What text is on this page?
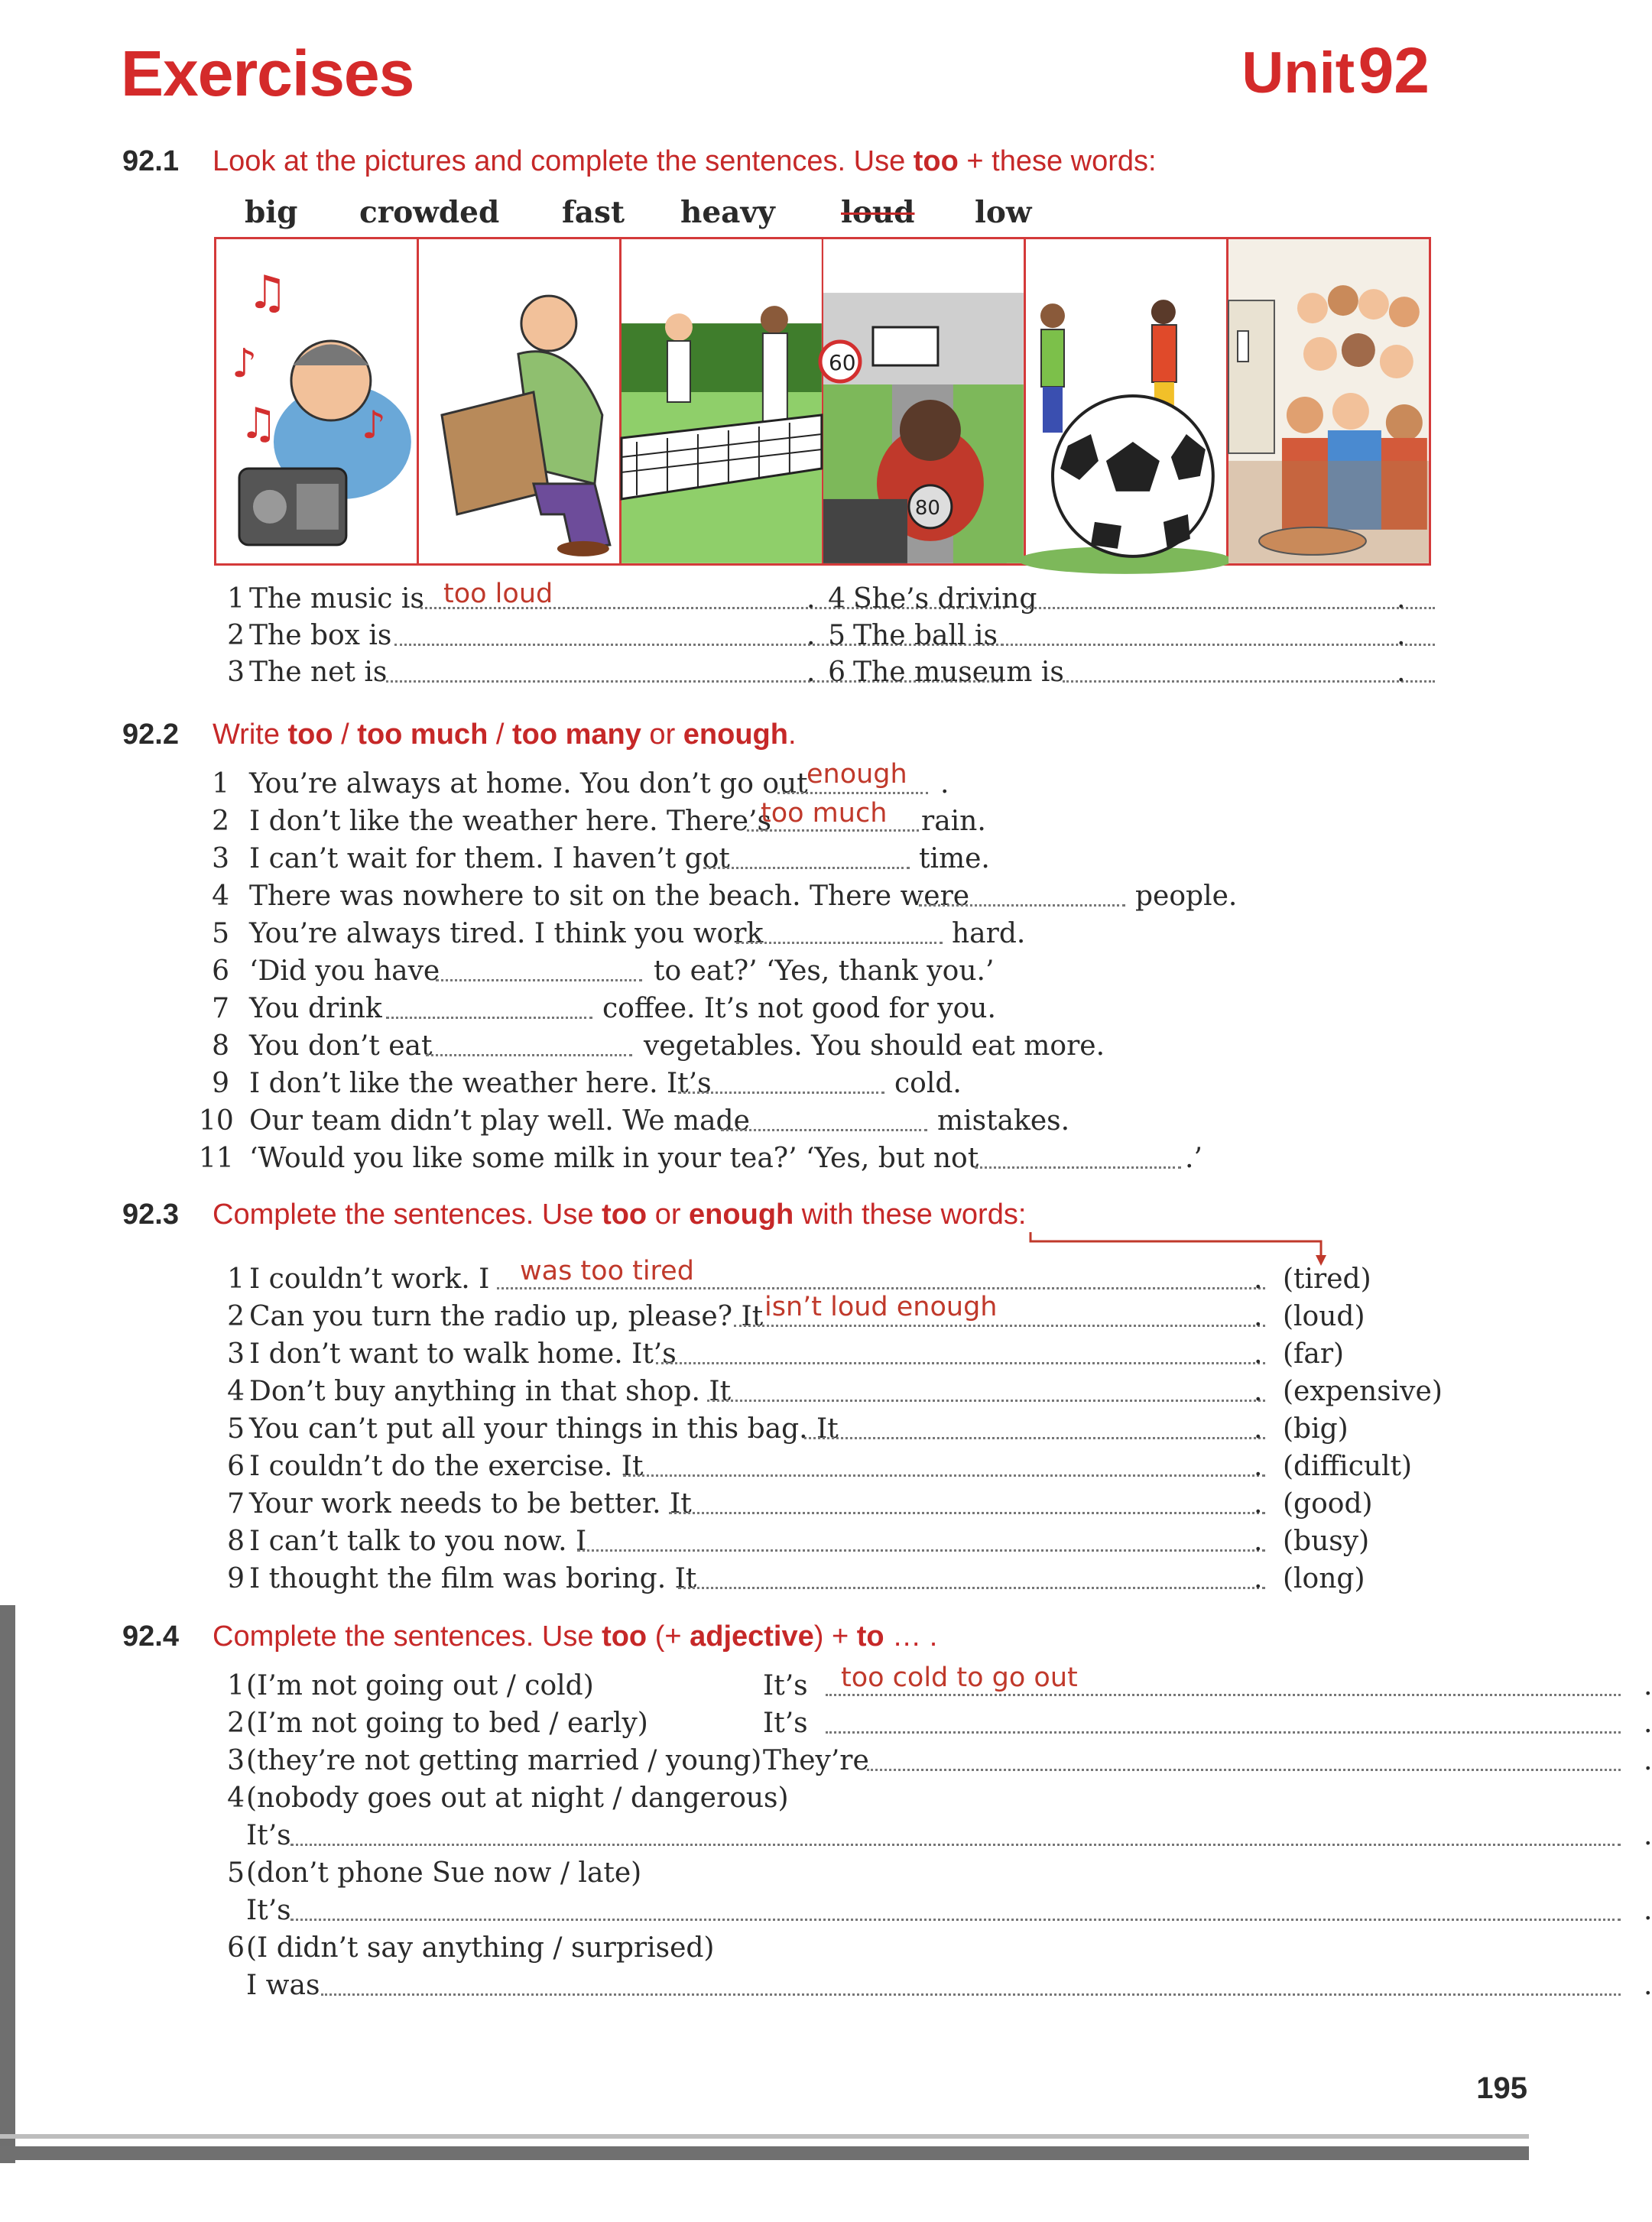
Exercises	Unit 92
92.1 Look at the pictures and complete the sentences. Use too + these words:
big crowded fast heavy loud low
♫
♪
♫ ♪
60
80
1 The music is too loud	.
2 The box is	.
3 The net is	.
4 She’s driving	.
5 The ball is	.
6 The museum is	.
92.2 Write too / too much / too many or enough.
1 You’re always at home. You don’t go out
enough .
2 I don’t like the weather here. There’s
too much rain.
3 I can’t wait for them. I haven’t got	time.
4 There was nowhere to sit on the beach. There were	people.
5 You’re always tired. I think you work	hard.
6 ‘Did you have	to eat?’ ‘Yes, thank you.’
7 You drink	coffee. It’s not good for you.
8 You don’t eat	vegetables. You should eat more.
9 I don’t like the weather here. It’s	cold.
10 Our team didn’t play well. We made	mistakes.
11 ‘Would you like some milk in your tea?’ ‘Yes, but not	.’
92.3 Complete the sentences. Use too or enough with these words:
1 I couldn’t work. I was too tired	. (tired)
2 Can you turn the radio up, please? It isn’t loud enough	. (loud)
3 I don’t want to walk home. It’s	. (far)
4 Don’t buy anything in that shop. It	. (expensive)
5 You can’t put all your things in this bag. It	. (big)
6 I couldn’t do the exercise. It	. (difficult)
7 Your work needs to be better. It	. (good)
8 I can’t talk to you now. I	. (busy)
9 I thought the film was boring. It	. (long)
92.4 Complete the sentences. Use too (+ adjective) + to … .
1 (I’m not going out / cold)	It’s too cold to go out	.
2 (I’m not going to bed / early)	It’s	.
3 (they’re not getting married / young) They’re	.
4 (nobody goes out at night / dangerous)
It’s	.
5 (don’t phone Sue now / late)
It’s	.
6 (I didn’t say anything / surprised)
I was	.
195
